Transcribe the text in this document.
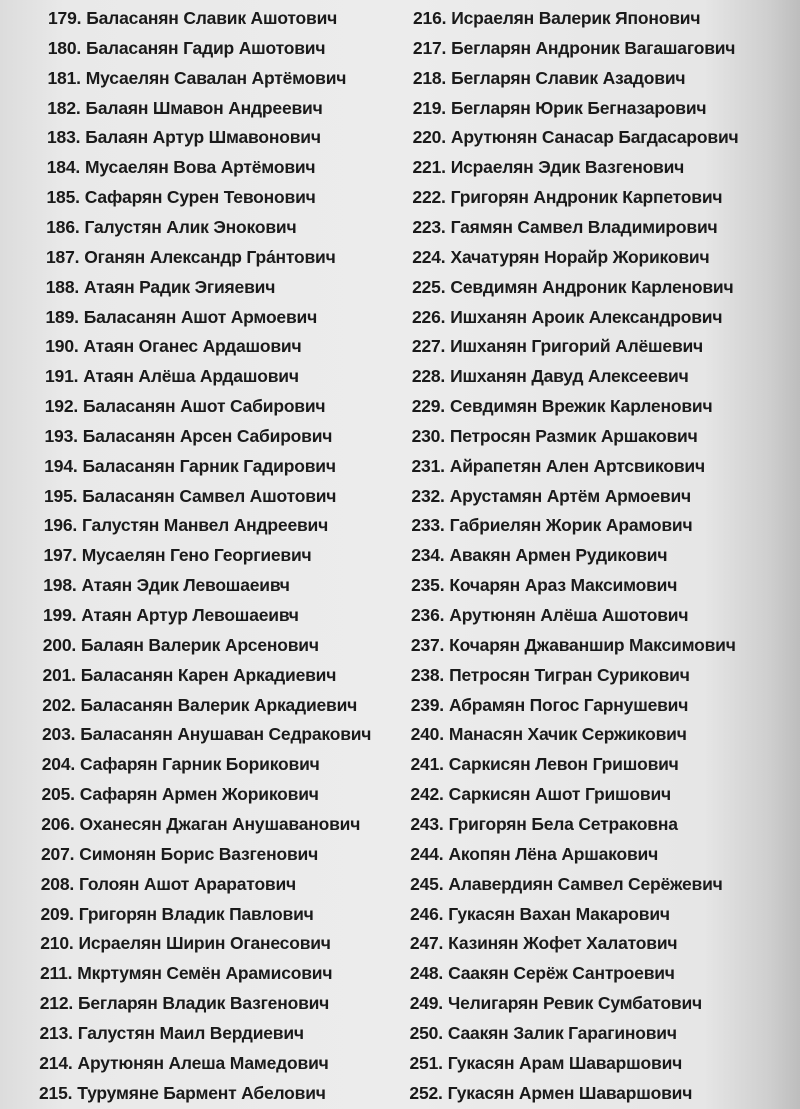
179. Баласанян Славик Ашотович
180. Баласанян Гадир Ашотович
181. Мусаелян Савалан Артёмович
182. Балаян Шмавон Андреевич
183. Балаян Артур Шмавонович
184. Мусаелян Вова Артёмович
185. Сафарян Сурен Тевонович
186. Галустян Алик Энокович
187. Оганян Александр Гра́нтович
188. Атаян Радик Эгияевич
189. Баласанян Ашот Армоевич
190. Атаян Оганес Ардашович
191. Атаян Алёша Ардашович
192. Баласанян Ашот Сабирович
193. Баласанян Арсен Сабирович
194. Баласанян Гарник Гадирович
195. Баласанян Самвел Ашотович
196. Галустян Манвел Андреевич
197. Мусаелян Гено Георгиевич
198. Атаян Эдик Левошаеивч
199. Атаян Артур Левошаеивч
200. Балаян Валерик Арсенович
201. Баласанян Карен Аркадиевич
202. Баласанян Валерик Аркадиевич
203. Баласанян Анушаван Седракович
204. Сафарян Гарник Борикович
205. Сафарян Армен Жорикович
206. Оханесян Джаган Анушаванович
207. Симонян Борис Вазгенович
208. Голоян Ашот Араратович
209. Григорян Владик Павлович
210. Исраелян Ширин Оганесович
211. Мкртумян Семён Арамисович
212. Бегларян Владик Вазгенович
213. Галустян Маил Вердиевич
214. Арутюнян Алеша Мамедович
215. Турумяне Бармент Абелович
216. Исраелян Валерик Японович
217. Бегларян Андроник Вагашагович
218. Бегларян Славик Азадович
219. Бегларян Юрик Бегназарович
220. Арутюнян Санасар Багдасарович
221. Исраелян Эдик Вазгенович
222. Григорян Андроник Карпетович
223. Гаямян Самвел Владимирович
224. Хачатурян Норайр Жорикович
225. Севдимян Андроник Карленович
226. Ишханян Ароик Александрович
227. Ишханян Григорий Алёшевич
228. Ишханян Давуд Алексеевич
229. Севдимян Врежик Карленович
230. Петросян Размик Аршакович
231. Айрапетян Ален Артсвикович
232. Арустамян Артём Армоевич
233. Габриелян Жорик Арамович
234. Авакян Армен Рудикович
235. Кочарян Араз Максимович
236. Арутюнян Алёша Ашотович
237. Кочарян Джаваншир Максимович
238. Петросян Тигран Сурикович
239. Абрамян Погос Гарнушевич
240. Манасян Хачик Сержикович
241. Саркисян Левон Гришович
242. Саркисян Ашот Гришович
243. Григорян Бела Сетраковна
244. Акопян Лёна Аршакович
245. Алавердиян Самвел Серёжевич
246. Гукасян Вахан Макарович
247. Казинян Жофет Халатович
248. Саакян Серёж Сантроевич
249. Челигарян Ревик Сумбатович
250. Саакян Залик Гарагинович
251. Гукасян Арам Шаваршович
252. Гукасян Армен Шаваршович
